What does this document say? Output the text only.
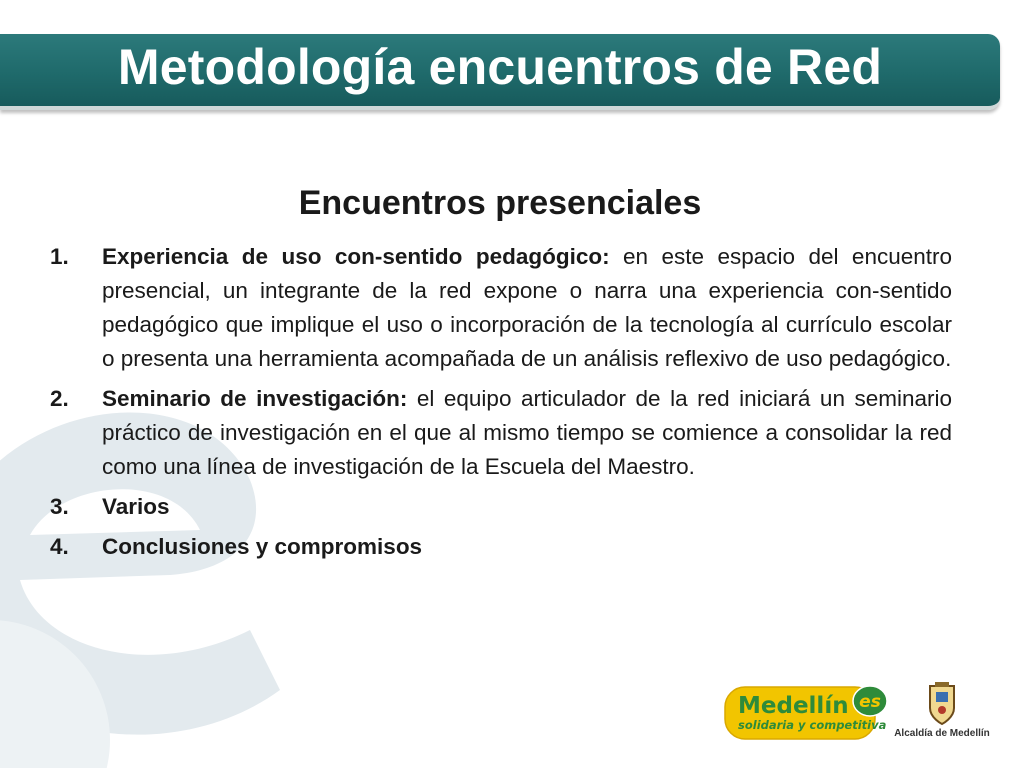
Metodología encuentros de Red
Encuentros presenciales
1. Experiencia de uso con-sentido pedagógico: en este espacio del encuentro presencial, un integrante de la red expone o narra una experiencia con-sentido pedagógico que implique el uso o incorporación de la tecnología al currículo escolar o presenta una herramienta acompañada de un análisis reflexivo de uso pedagógico.
2. Seminario de investigación: el equipo articulador de la red iniciará un seminario práctico de investigación en el que al mismo tiempo se comience a consolidar la red como una línea de investigación de la Escuela del Maestro.
3. Varios
4. Conclusiones y compromisos
Medellín
solidaria y competitiva
es
Alcaldía de Medellín
